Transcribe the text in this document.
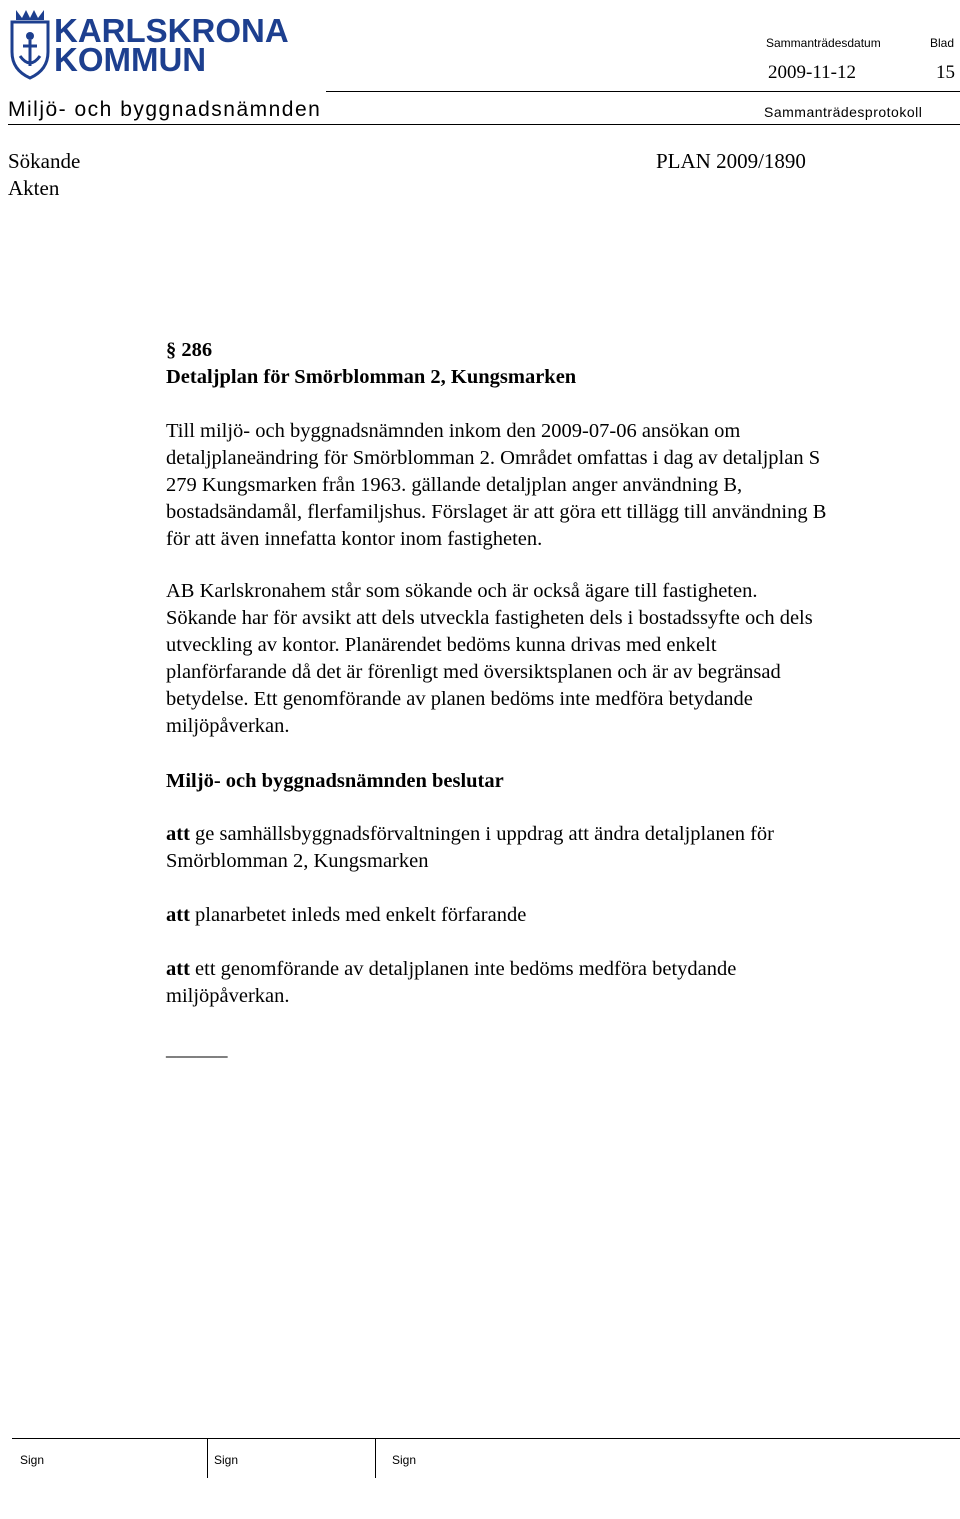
KARLSKRONA
KOMMUN	Sammanträdesdatum	Blad
2009-11-12	15
Miljö- och byggnadsnämnden	Sammanträdesprotokoll
Sökande
Akten
PLAN 2009/1890
§ 286
Detaljplan för Smörblomman 2, Kungsmarken
Till miljö- och byggnadsnämnden inkom den 2009-07-06 ansökan om
detaljplaneändring för Smörblomman 2. Området omfattas i dag av detaljplan S
279 Kungsmarken från 1963. gällande detaljplan anger användning B,
bostadsändamål, flerfamiljshus. Förslaget är att göra ett tillägg till användning B
för att även innefatta kontor inom fastigheten.
AB Karlskronahem står som sökande och är också ägare till fastigheten.
Sökande har för avsikt att dels utveckla fastigheten dels i bostadssyfte och dels
utveckling av kontor. Planärendet bedöms kunna drivas med enkelt
planförfarande då det är förenligt med översiktsplanen och är av begränsad
betydelse. Ett genomförande av planen bedöms inte medföra betydande
miljöpåverkan.
Miljö- och byggnadsnämnden beslutar
att ge samhällsbyggnadsförvaltningen i uppdrag att ändra detaljplanen för
Smörblomman 2, Kungsmarken
att planarbetet inleds med enkelt förfarande
att ett genomförande av detaljplanen inte bedöms medföra betydande
miljöpåverkan.
______
Sign	Sign	Sign
